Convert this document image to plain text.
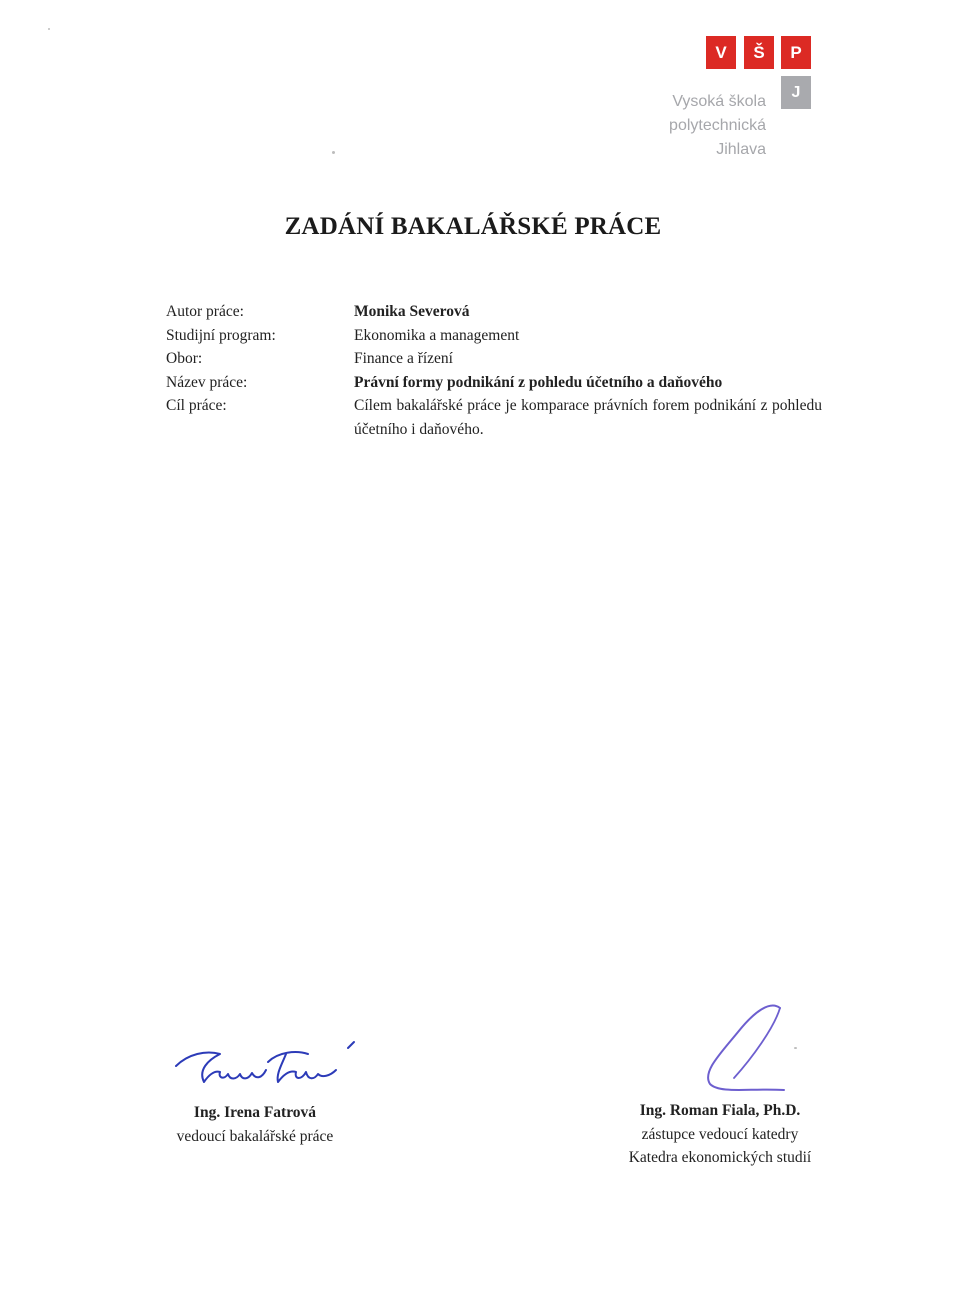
V	Š	P
J
Vysoká škola
polytechnická
Jihlava
ZADÁNÍ BAKALÁŘSKÉ PRÁCE
Autor práce:
Studijní program:
Obor:
Název práce:
Cíl práce:
Monika Severová
Ekonomika a management
Finance a řízení
Právní formy podnikání z pohledu účetního a daňového
Cílem bakalářské práce je komparace právních forem podnikání z pohledu účetního i daňového.
Ing. Irena Fatrová
vedoucí bakalářské práce
Ing. Roman Fiala, Ph.D.
zástupce vedoucí katedry
Katedra ekonomických studií
